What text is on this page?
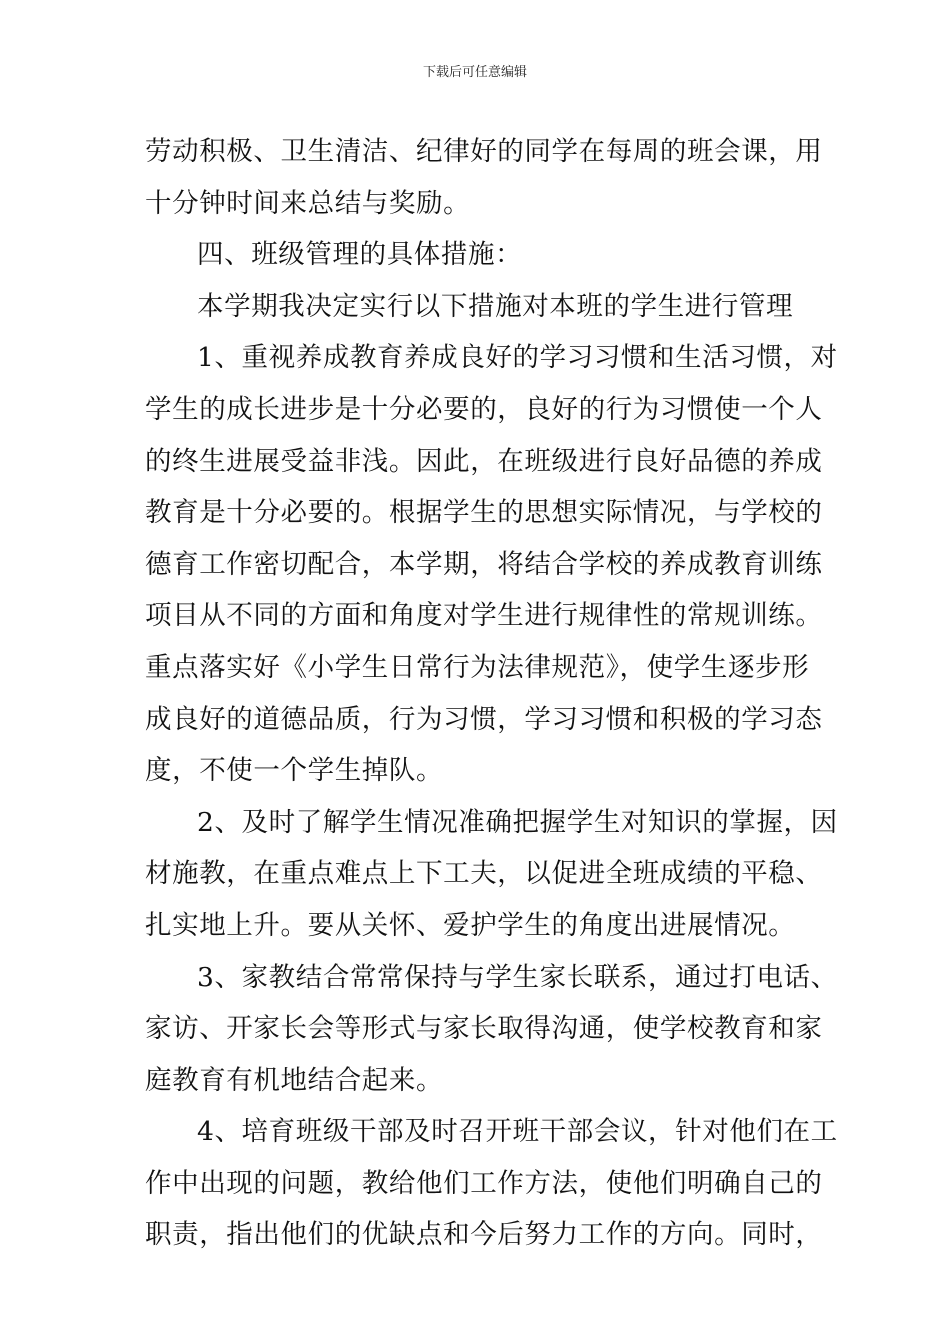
下载后可任意编辑
劳动积极、卫生清洁、纪律好的同学在每周的班会课，用
十分钟时间来总结与奖励。
四、班级管理的具体措施：
本学期我决定实行以下措施对本班的学生进行管理
1、重视养成教育养成良好的学习习惯和生活习惯，对
学生的成长进步是十分必要的，良好的行为习惯使一个人
的终生进展受益非浅。因此，在班级进行良好品德的养成
教育是十分必要的。根据学生的思想实际情况，与学校的
德育工作密切配合，本学期，将结合学校的养成教育训练
项目从不同的方面和角度对学生进行规律性的常规训练。
重点落实好《小学生日常行为法律规范》，使学生逐步形
成良好的道德品质，行为习惯，学习习惯和积极的学习态
度，不使一个学生掉队。
2、及时了解学生情况准确把握学生对知识的掌握，因
材施教，在重点难点上下工夫，以促进全班成绩的平稳、
扎实地上升。要从关怀、爱护学生的角度出进展情况。
3、家教结合常常保持与学生家长联系，通过打电话、
家访、开家长会等形式与家长取得沟通，使学校教育和家
庭教育有机地结合起来。
4、培育班级干部及时召开班干部会议，针对他们在工
作中出现的问题，教给他们工作方法，使他们明确自己的
职责，指出他们的优缺点和今后努力工作的方向。同时，
